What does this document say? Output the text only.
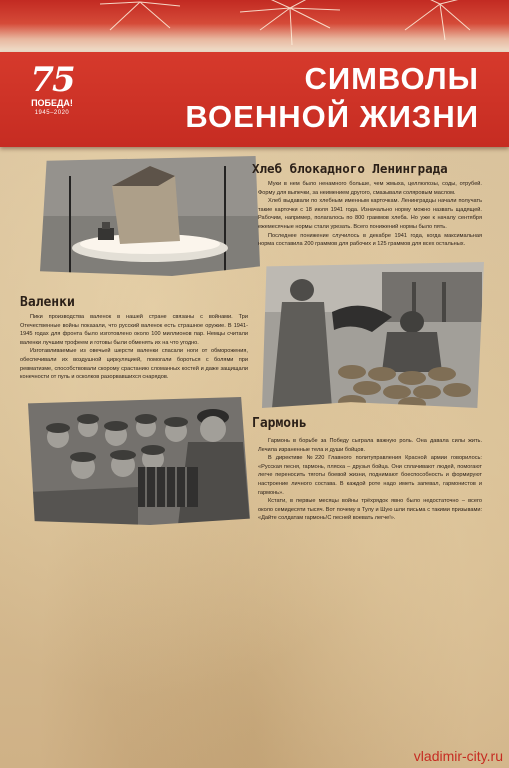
75
ПОБЕДА!
1945–2020
СИМВОЛЫ
ВОЕННОЙ ЖИЗНИ
Хлеб блокадного Ленинграда

Муки в нем было ненамного больше, чем жмыха, целлюлозы, соды, отрубей. Форму для выпечки, за неимением другого, смазывали соляровым маслом.

Хлеб выдавали по хлебным именным карточкам. Ленинградцы начали получать такие карточки с 18 июля 1941 года. Изначально норму можно назвать щадящей. Рабочим, например, полагалось по 800 граммов хлеба. Но уже к началу сентября ежемесячные нормы стали урезать. Всего понижений нормы было пять.

Последнее понижение случилось в декабре 1941 года, когда максимальная норма составила 200 граммов для рабочих и 125 граммов для всех остальных.

Валенки

Пики производства валенок в нашей стране связаны с войнами. Три Отечественные войны показали, что русский валенок есть страшное оружие. В 1941-1945 годах для фронта было изготовлено около 100 миллионов пар. Немцы считали валенки лучшим трофеем и готовы были обменять их на что угодно.

Изготавливаемые из овечьей шерсти валенки спасали ноги от обморожения, обеспечивали их воздушной циркуляцией, помогали бороться с болями при ревматизме, способствовали скорому срастанию сломанных костей и даже защищали конечности от пуль и осколков разорвавшихся снарядов.

Гармонь

Гармонь в борьбе за Победу сыграла важную роль. Она давала силы жить. Лечила израненные тела и души бойцов.

В директиве №220 Главного политуправления Красной армии говорилось: «Русская песня, гармонь, пляска – друзья бойца. Они сплачивают людей, помогают легче переносить тяготы боевой жизни, поднимают боеспособность и формируют настроение личного состава. В каждой роте надо иметь запевал, гармонистов и гармонь».

Кстати, в первые месяцы войны трёхрядок явно было недостаточно – всего около семидесяти тысяч. Вот почему в Тулу и Шую шли письма с такими призывами: «Дайте солдатам гармонь!С песней воевать легче!».

vladimir-city.ru
